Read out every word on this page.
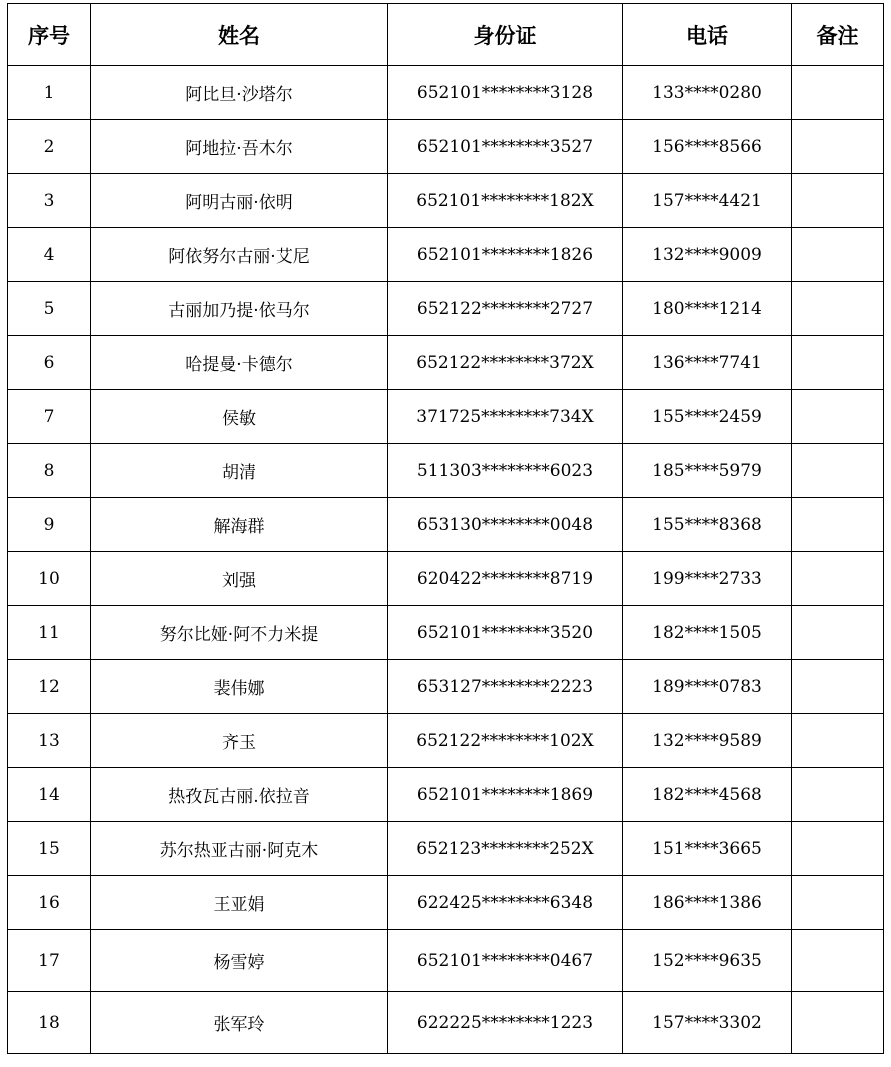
序号	姓名	身份证	电话	备注
1	阿比旦·沙塔尔	652101********3128	133****0280	
2	阿地拉·吾木尔	652101********3527	156****8566	
3	阿明古丽·依明	652101********182X	157****4421	
4	阿依努尔古丽·艾尼	652101********1826	132****9009	
5	古丽加乃提·依马尔	652122********2727	180****1214	
6	哈提曼·卡德尔	652122********372X	136****7741	
7	侯敏	371725********734X	155****2459	
8	胡清	511303********6023	185****5979	
9	解海群	653130********0048	155****8368	
10	刘强	620422********8719	199****2733	
11	努尔比娅·阿不力米提	652101********3520	182****1505	
12	裴伟娜	653127********2223	189****0783	
13	齐玉	652122********102X	132****9589	
14	热孜瓦古丽.依拉音	652101********1869	182****4568	
15	苏尔热亚古丽·阿克木	652123********252X	151****3665	
16	王亚娟	622425********6348	186****1386	
17	杨雪婷	652101********0467	152****9635	
18	张军玲	622225********1223	157****3302	
